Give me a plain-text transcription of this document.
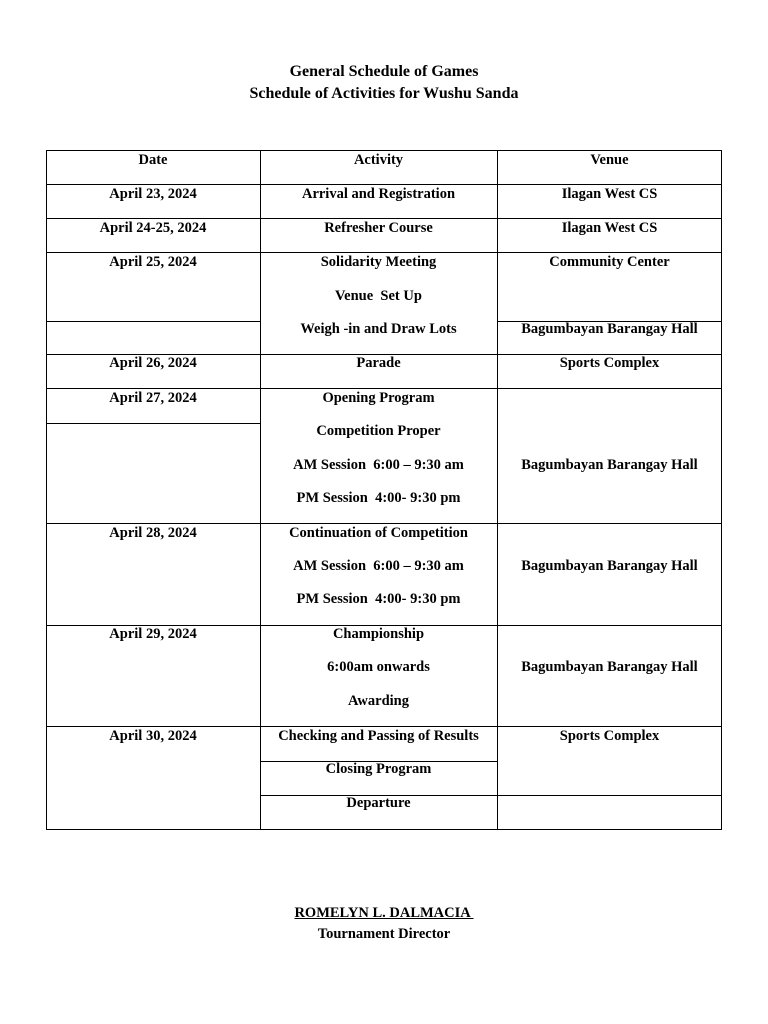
General Schedule of Games
Schedule of Activities for Wushu Sanda
Date	Activity	Venue
April 23, 2024
April 24-25, 2024
April 25, 2024
April 26, 2024
April 27, 2024
April 28, 2024
April 29, 2024
April 30, 2024
Arrival and Registration
Refresher Course
Solidarity Meeting
Venue  Set Up
Weigh -in and Draw Lots
Parade
Opening Program
Competition Proper
AM Session  6:00 – 9:30 am
PM Session  4:00- 9:30 pm
Continuation of Competition
AM Session  6:00 – 9:30 am
PM Session  4:00- 9:30 pm
Championship
6:00am onwards
Awarding
Checking and Passing of Results
Closing Program
Departure
Ilagan West CS
Ilagan West CS
Community Center
Bagumbayan Barangay Hall
Sports Complex
Bagumbayan Barangay Hall
Bagumbayan Barangay Hall
Bagumbayan Barangay Hall
Sports Complex
ROMELYN L. DALMACIA
Tournament Director
